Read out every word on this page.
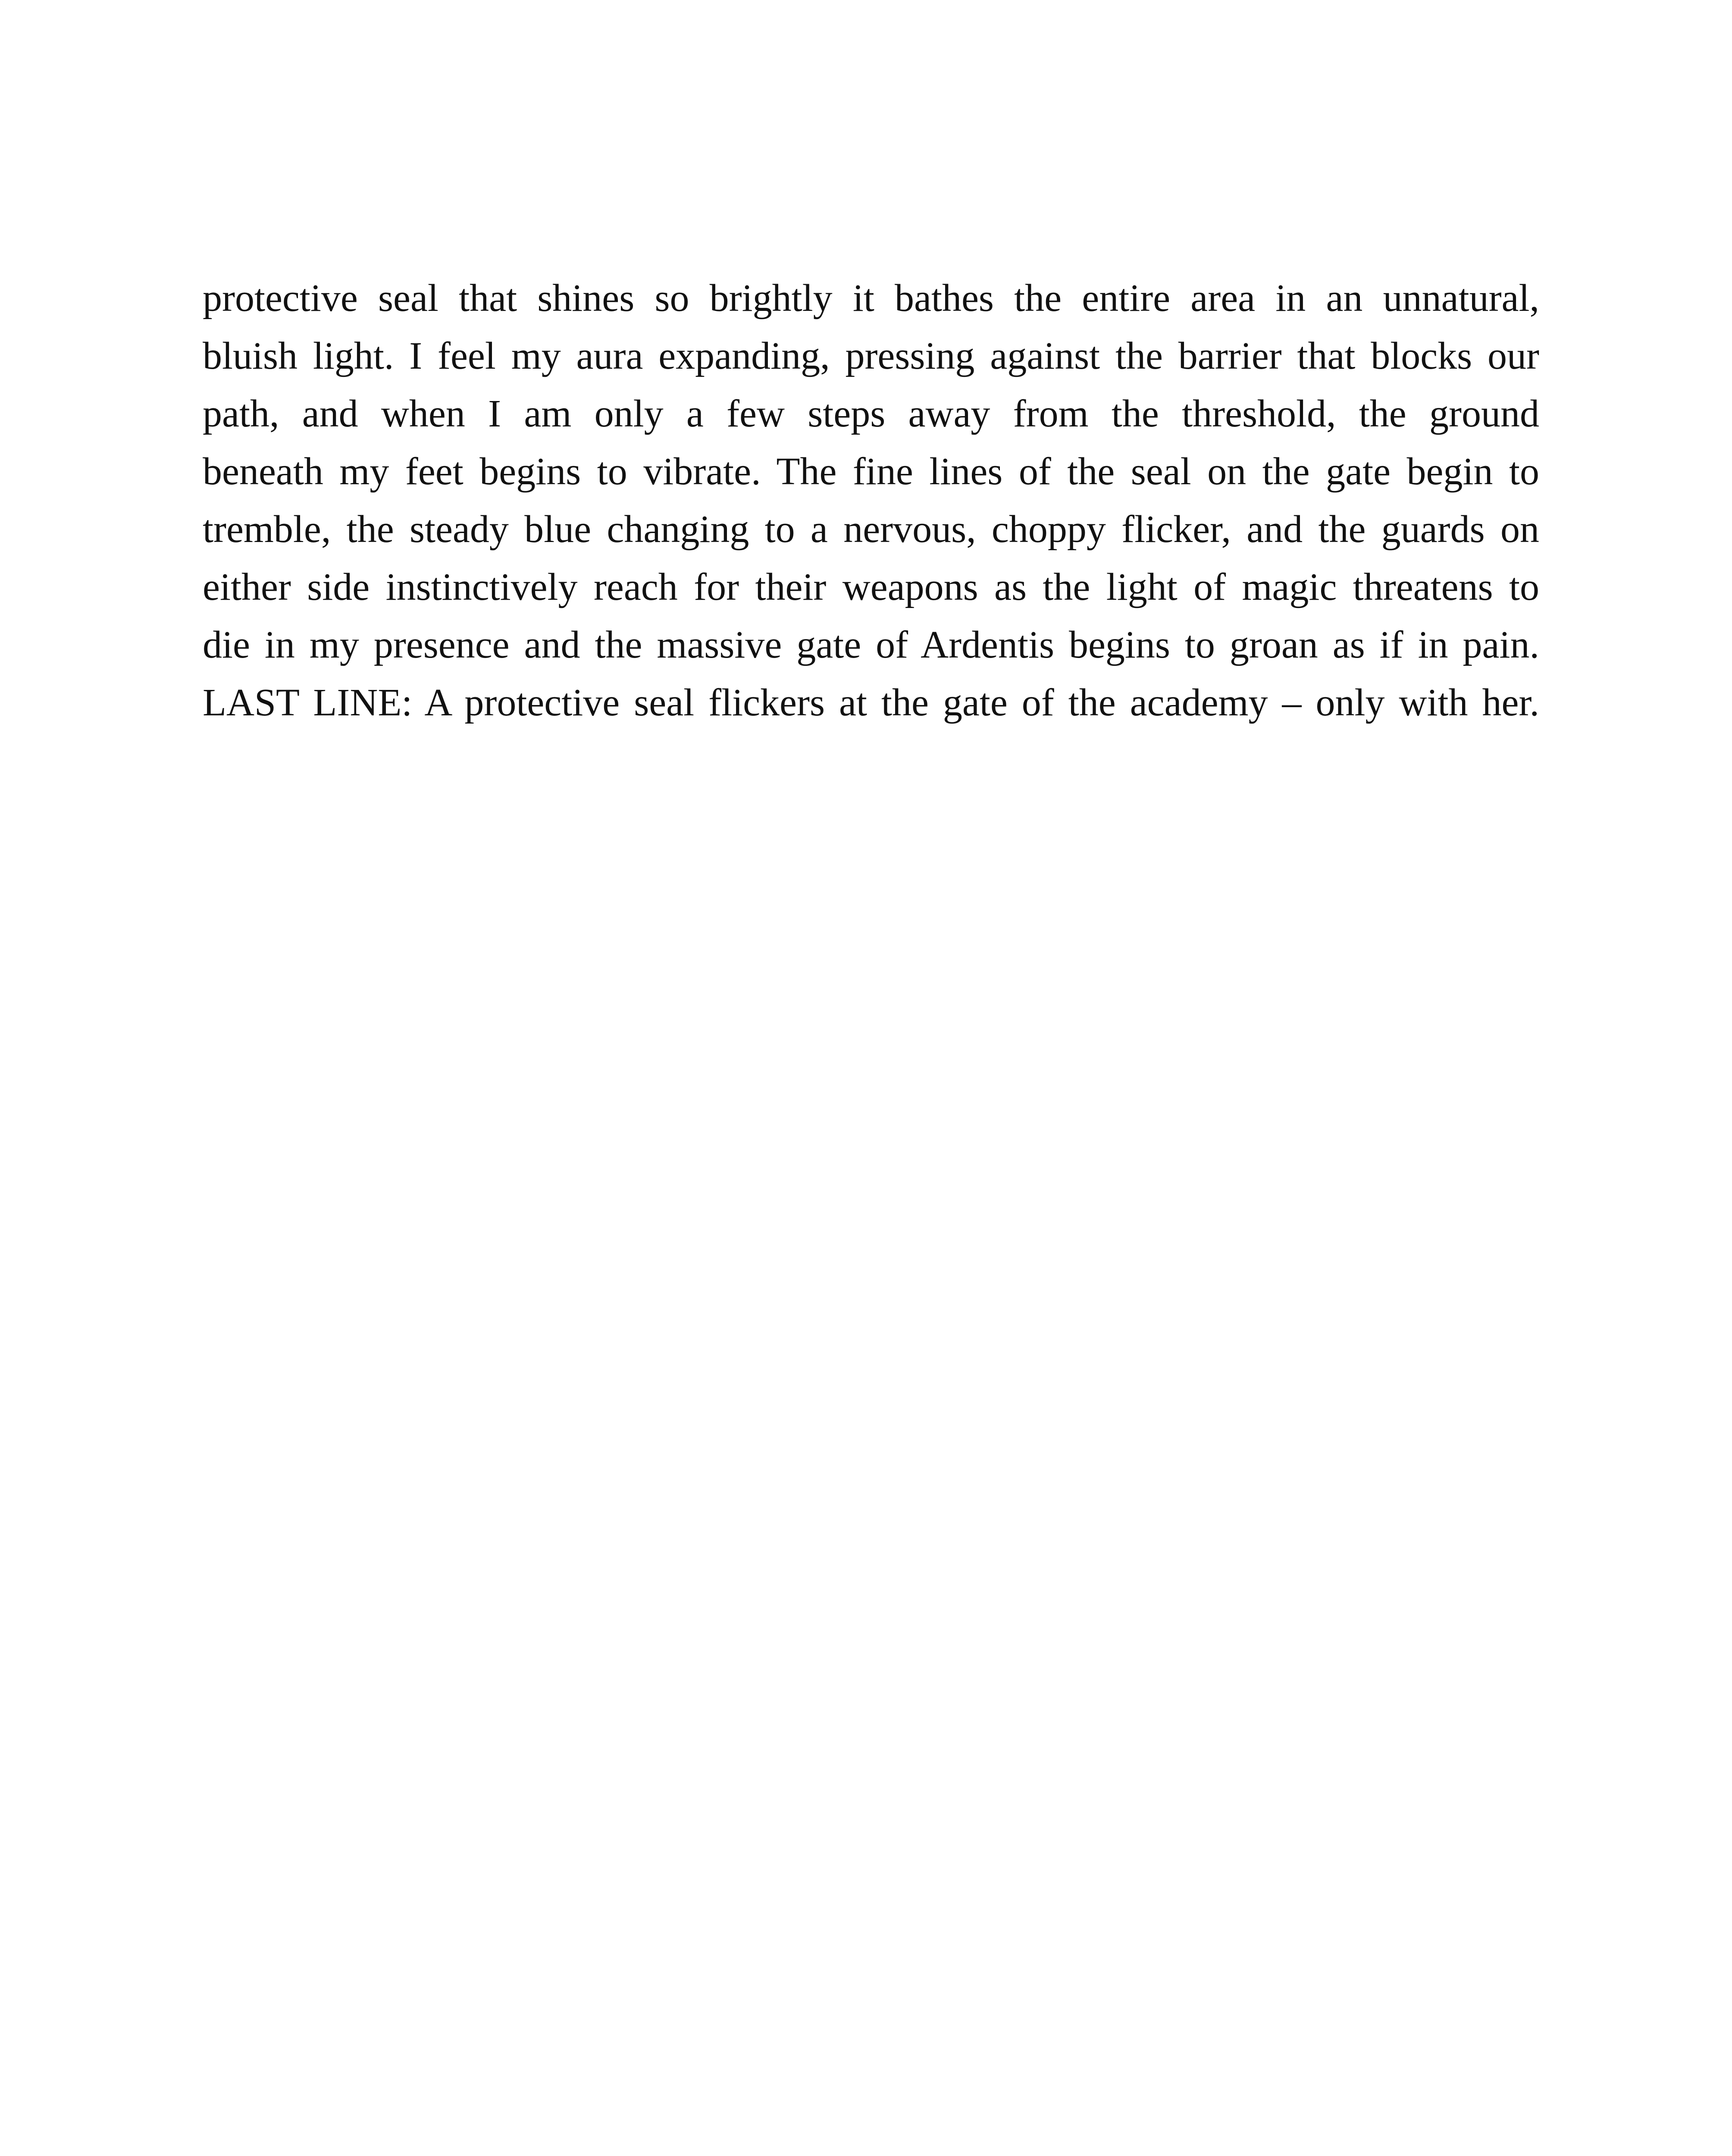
protective seal that shines so brightly it bathes the entire area in an unnatural,
bluish light. I feel my aura expanding, pressing against the barrier that blocks our
path, and when I am only a few steps away from the threshold, the ground
beneath my feet begins to vibrate. The fine lines of the seal on the gate begin to
tremble, the steady blue changing to a nervous, choppy flicker, and the guards on
either side instinctively reach for their weapons as the light of magic threatens to
die in my presence and the massive gate of Ardentis begins to groan as if in pain.
LAST LINE: A protective seal flickers at the gate of the academy – only with her.
